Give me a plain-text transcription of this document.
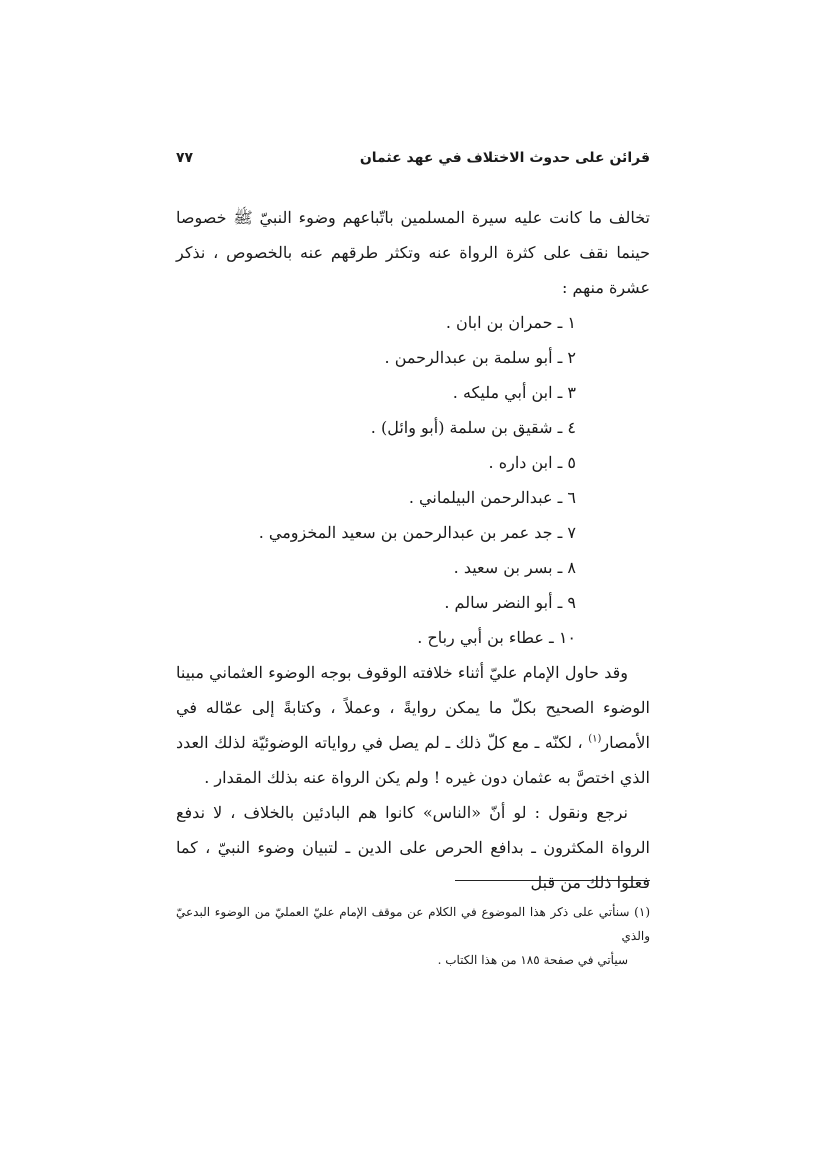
قرائن على حدوث الاختلاف في عهد عثمان
٧٧

تخالف ما كانت عليه سيرة المسلمين باتّباعهم وضوء النبيّ ﷺ خصوصا حينما نقف على كثرة الرواة عنه وتكثر طرقهم عنه بالخصوص ، نذكر عشرة منهم :

١ ـ حمران بن ابان .
٢ ـ أبو سلمة بن عبدالرحمن .
٣ ـ ابن أبي مليكه .
٤ ـ شقيق بن سلمة (أبو وائل) .
٥ ـ ابن داره .
٦ ـ عبدالرحمن البيلماني .
٧ ـ جد عمر بن عبدالرحمن بن سعيد المخزومي .
٨ ـ بسر بن سعيد .
٩ ـ أبو النضر سالم .
١٠ ـ عطاء بن أبي رباح .

وقد حاول الإمام عليّ أثناء خلافته الوقوف بوجه الوضوء العثماني مبينا الوضوء الصحيح بكلّ ما يمكن روايةً ، وعملاً ، وكتابةً إلى عمّاله في الأمصار$^{(١)}$ ، لكنّه ـ مع كلّ ذلك ـ لم يصل في رواياته الوضوئيّة لذلك العدد الذي اختصَّ به عثمان دون غيره ! ولم يكن الرواة عنه بذلك المقدار .

نرجع ونقول : لو أنّ «الناس» كانوا هم البادئين بالخلاف ، لا ندفع الرواة المكثرون ـ بدافع الحرص على الدين ـ لتبيان وضوء النبيّ ، كما فعلوا ذلك من قبل

(١) سنأتي على ذكر هذا الموضوع في الكلام عن موقف الإمام عليّ العمليّ من الوضوء البدعيّ والذي

سيأتي في صفحة ١٨٥ من هذا الكتاب .
